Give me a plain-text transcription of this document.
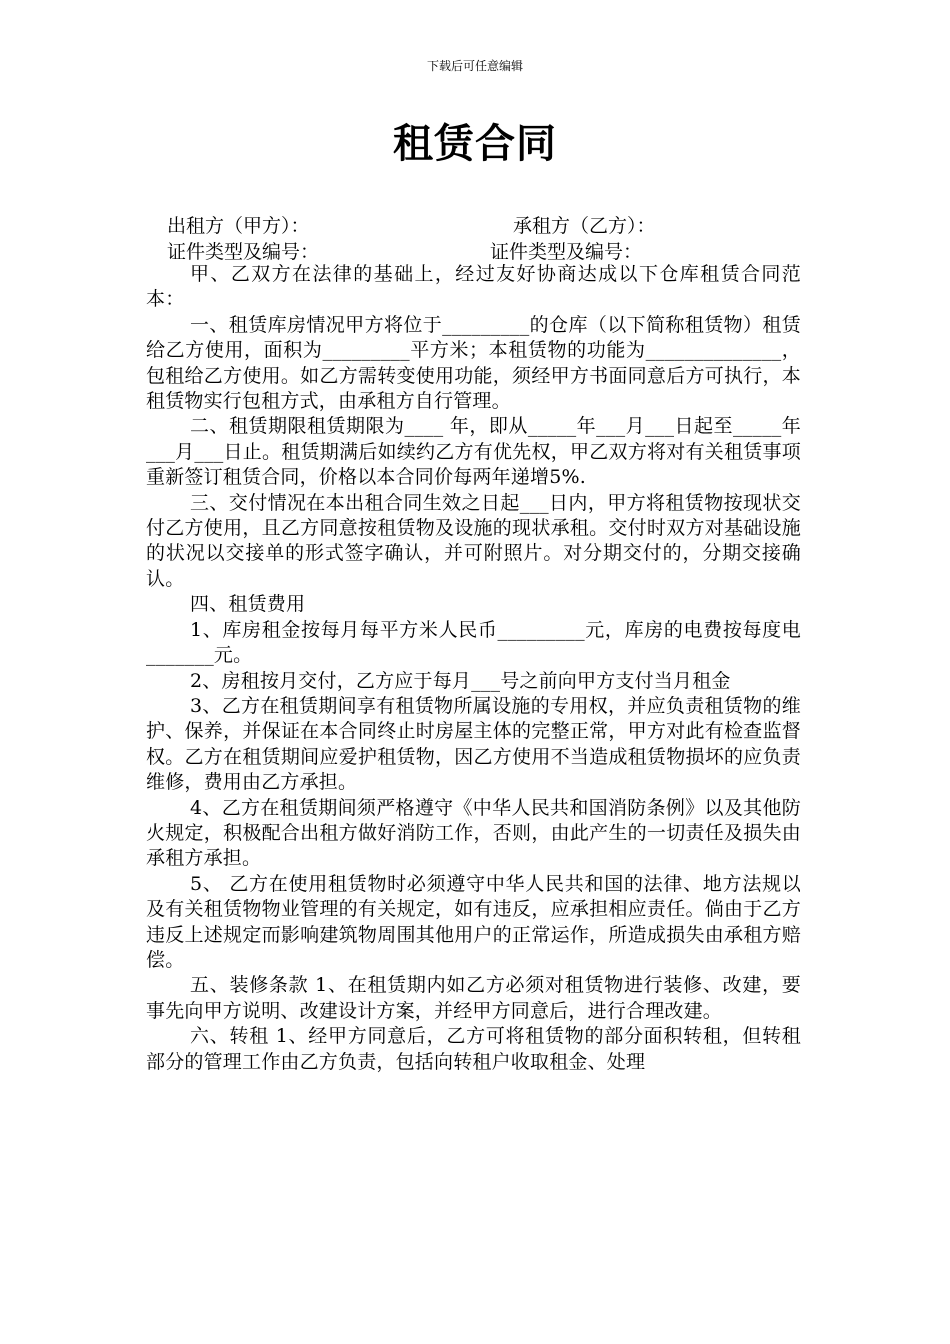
下载后可任意编辑
租赁合同
出租方（甲方）：	承租方（乙方）：
证件类型及编号：	证件类型及编号：

甲、乙双方在法律的基础上，经过友好协商达成以下仓库租赁合同范本：

一、租赁库房情况甲方将位于_________的仓库（以下简称租赁物）租赁给乙方使用，面积为_________平方米；本租赁物的功能为______________， 包租给乙方使用。如乙方需转变使用功能，须经甲方书面同意后方可执行，本租赁物实行包租方式，由承租方自行管理。

二、租赁期限租赁期限为____ 年，即从_____年___月___日起至_____年___月___日止。租赁期满后如续约乙方有优先权，甲乙双方将对有关租赁事项重新签订租赁合同，价格以本合同价每两年递增5%.

三、交付情况在本出租合同生效之日起___日内，甲方将租赁物按现状交付乙方使用，且乙方同意按租赁物及设施的现状承租。交付时双方对基础设施的状况以交接单的形式签字确认，并可附照片。对分期交付的，分期交接确认。

四、租赁费用

1、库房租金按每月每平方米人民币_________元，库房的电费按每度电_______元。

2、房租按月交付，乙方应于每月___号之前向甲方支付当月租金

3、乙方在租赁期间享有租赁物所属设施的专用权，并应负责租赁物的维护、保养，并保证在本合同终止时房屋主体的完整正常，甲方对此有检查监督权。乙方在租赁期间应爱护租赁物，因乙方使用不当造成租赁物损坏的应负责维修，费用由乙方承担。

4、乙方在租赁期间须严格遵守《中华人民共和国消防条例》以及其他防火规定，积极配合出租方做好消防工作，否则，由此产生的一切责任及损失由承租方承担。

5、 乙方在使用租赁物时必须遵守中华人民共和国的法律、地方法规以及有关租赁物物业管理的有关规定，如有违反，应承担相应责任。倘由于乙方违反上述规定而影响建筑物周围其他用户的正常运作，所造成损失由承租方赔偿。

五、装修条款 1、在租赁期内如乙方必须对租赁物进行装修、改建，要事先向甲方说明、改建设计方案，并经甲方同意后，进行合理改建。

六、转租 1、经甲方同意后，乙方可将租赁物的部分面积转租，但转租部分的管理工作由乙方负责，包括向转租户收取租金、处理
